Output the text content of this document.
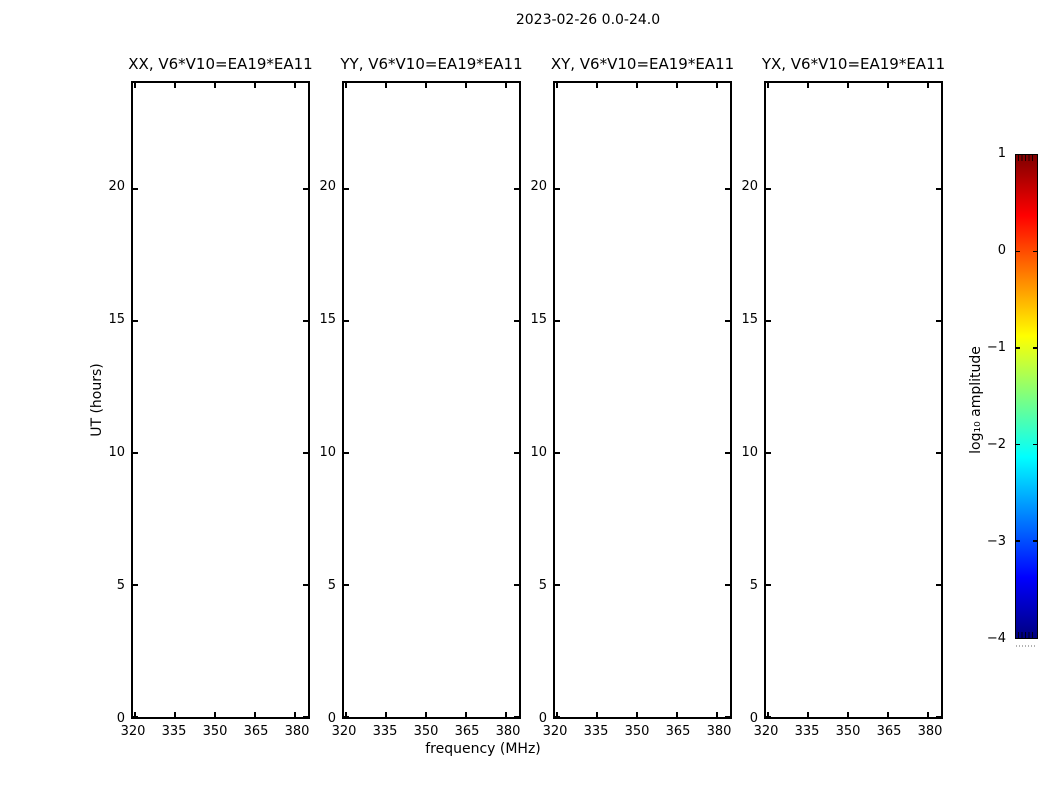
2023-02-26 0.0-24.0
XX, V6*V10=EA19*EA11
320	335	350	365	380
0
5
10
15
20
YY, V6*V10=EA19*EA11
320	335	350	365	380
0
5
10
15
20
XY, V6*V10=EA19*EA11
320	335	350	365	380
0
5
10
15
20
YX, V6*V10=EA19*EA11
320	335	350	365	380
0
5
10
15
20
frequency (MHz)
UT (hours)
1
0
−1
−2
−3
−4
log₁₀ amplitude
